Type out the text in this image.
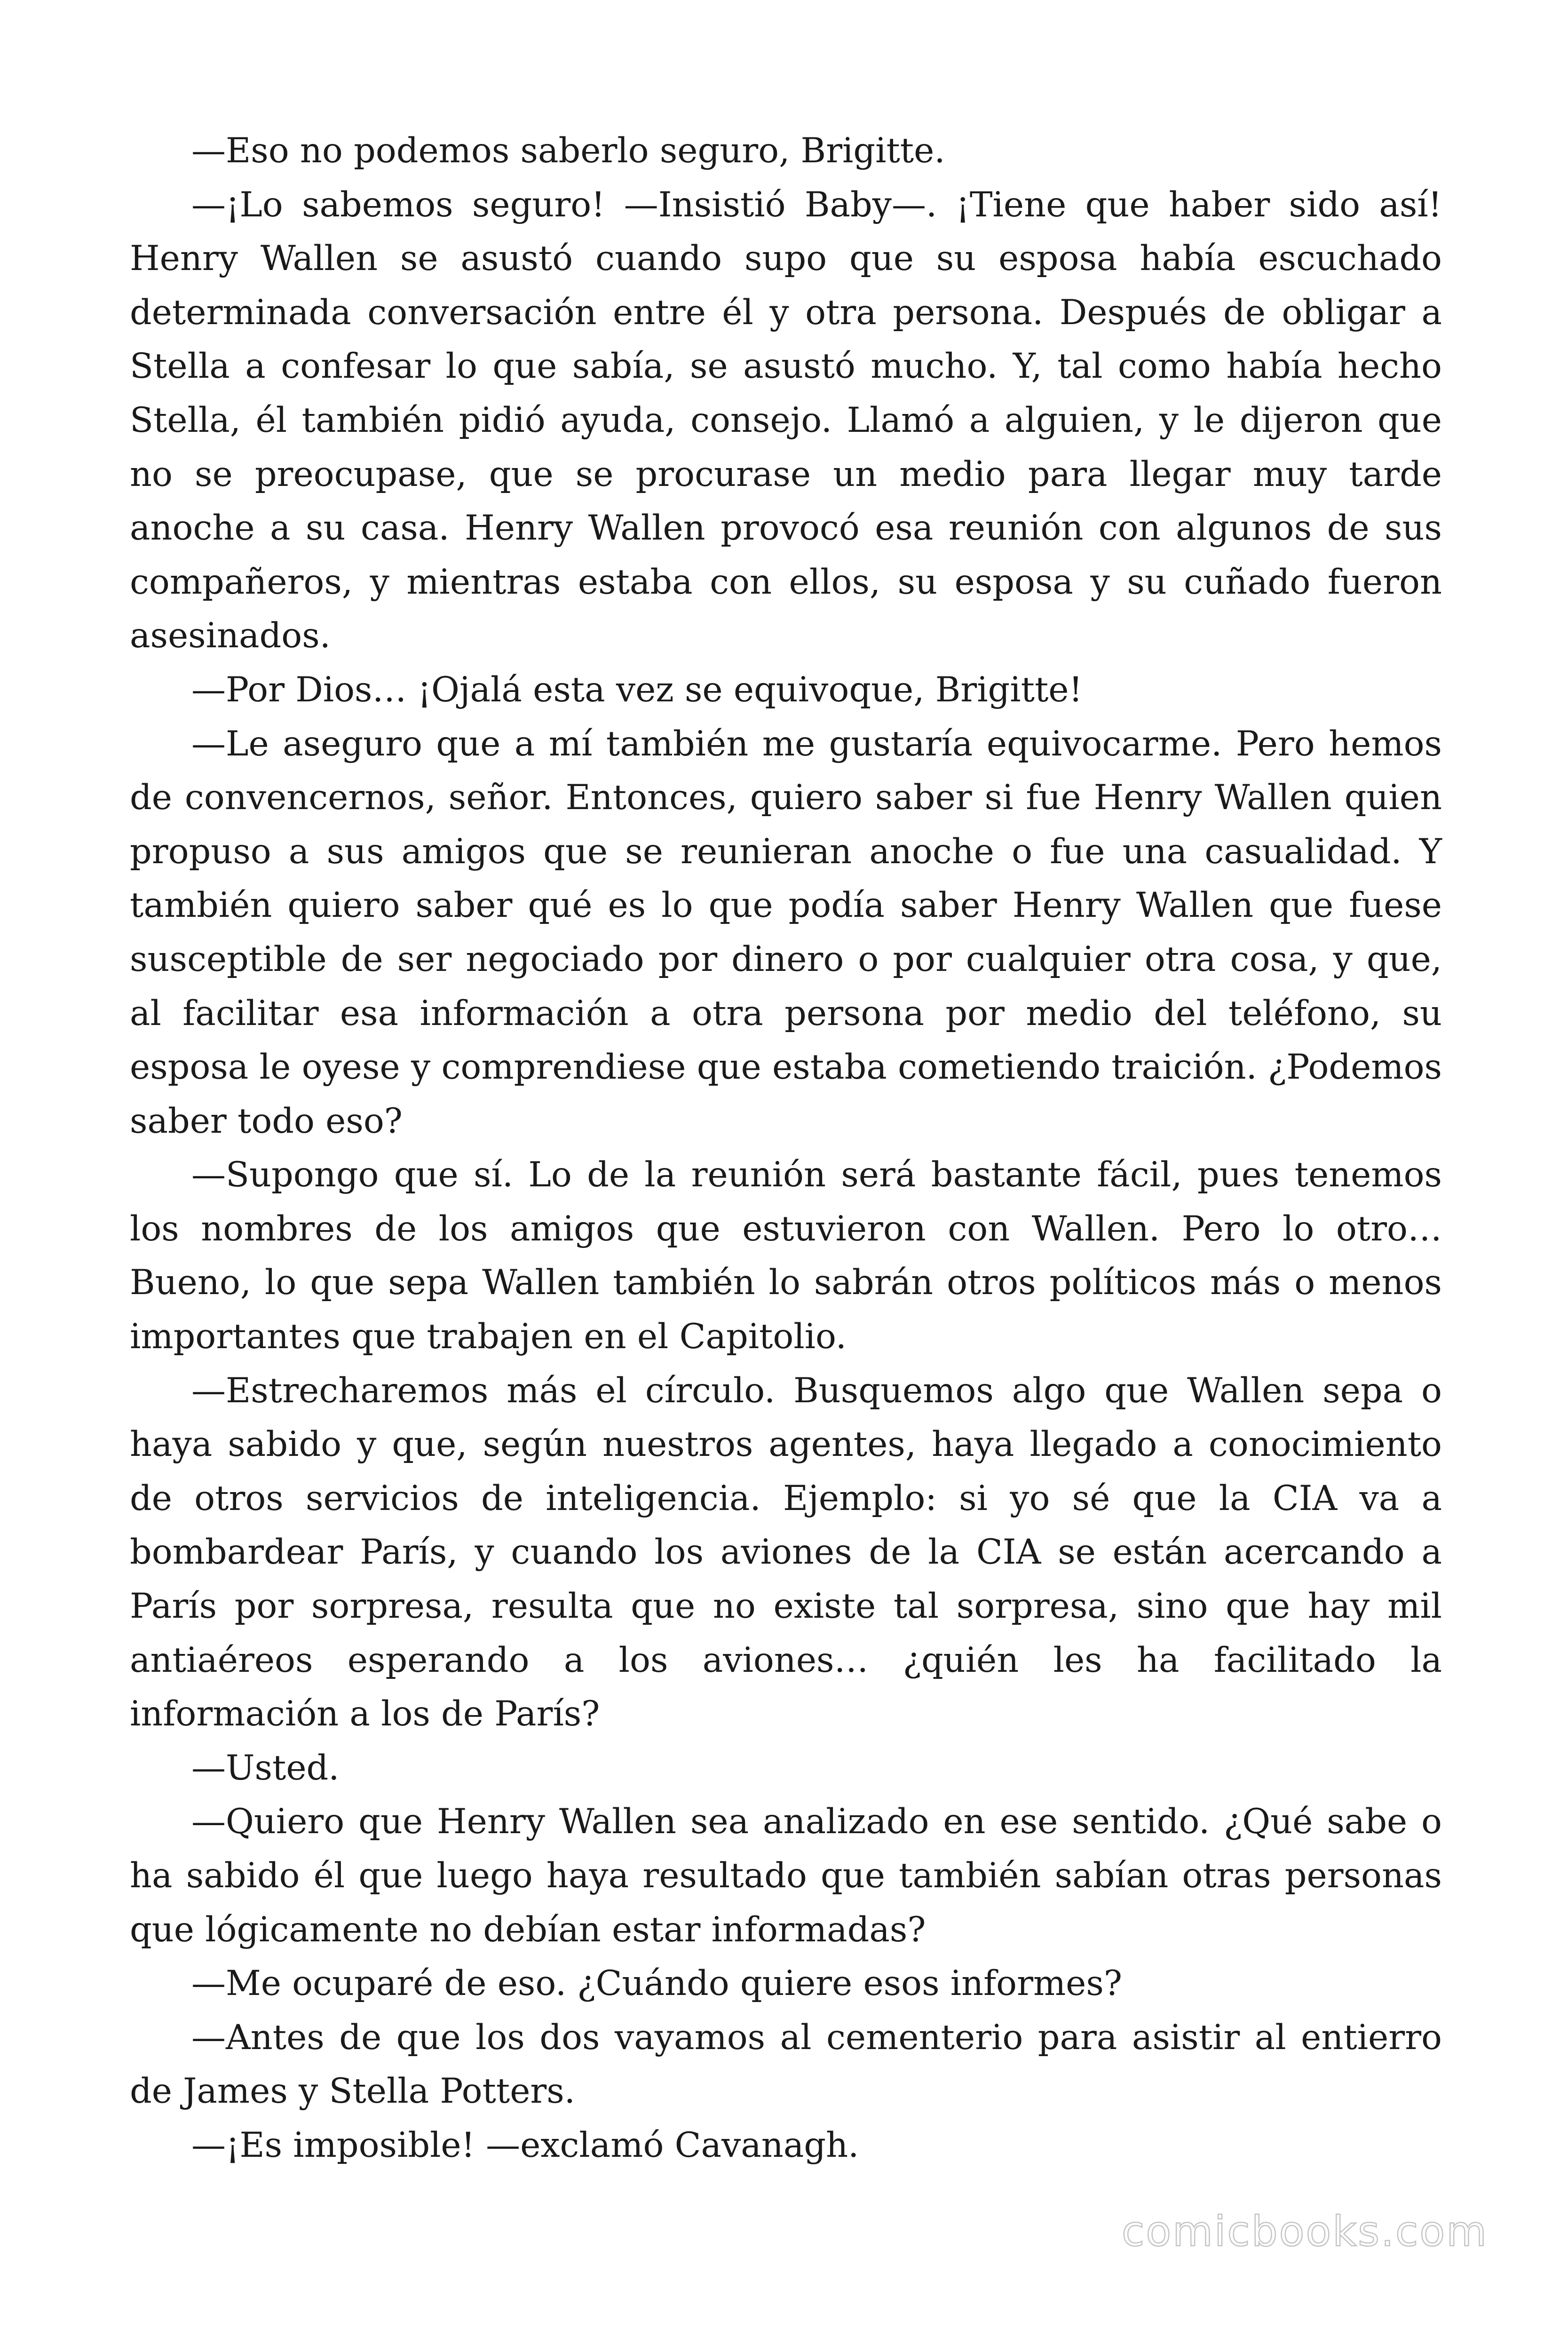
—Eso no podemos saberlo seguro, Brigitte.

—¡Lo sabemos seguro! —Insistió Baby—. ¡Tiene que haber sido así! Henry Wallen se asustó cuando supo que su esposa había escuchado determinada conversación entre él y otra persona. Después de obligar a Stella a confesar lo que sabía, se asustó mucho. Y, tal como había hecho Stella, él también pidió ayuda, consejo. Llamó a alguien, y le dijeron que no se preocupase, que se procurase un medio para llegar muy tarde anoche a su casa. Henry Wallen provocó esa reunión con algunos de sus compañeros, y mientras estaba con ellos, su esposa y su cuñado fueron asesinados.

—Por Dios… ¡Ojalá esta vez se equivoque, Brigitte!

—Le aseguro que a mí también me gustaría equivocarme. Pero hemos de convencernos, señor. Entonces, quiero saber si fue Henry Wallen quien propuso a sus amigos que se reunieran anoche o fue una casualidad. Y también quiero saber qué es lo que podía saber Henry Wallen que fuese susceptible de ser negociado por dinero o por cualquier otra cosa, y que, al facilitar esa información a otra persona por medio del teléfono, su esposa le oyese y comprendiese que estaba cometiendo traición. ¿Podemos saber todo eso?

—Supongo que sí. Lo de la reunión será bastante fácil, pues tenemos los nombres de los amigos que estuvieron con Wallen. Pero lo otro… Bueno, lo que sepa Wallen también lo sabrán otros políticos más o menos importantes que trabajen en el Capitolio.

—Estrecharemos más el círculo. Busquemos algo que Wallen sepa o haya sabido y que, según nuestros agentes, haya llegado a conocimiento de otros servicios de inteligencia. Ejemplo: si yo sé que la CIA va a bombardear París, y cuando los aviones de la CIA se están acercando a París por sorpresa, resulta que no existe tal sorpresa, sino que hay mil antiaéreos esperando a los aviones… ¿quién les ha facilitado la información a los de París?

—Usted.

—Quiero que Henry Wallen sea analizado en ese sentido. ¿Qué sabe o ha sabido él que luego haya resultado que también sabían otras personas que lógicamente no debían estar informadas?

—Me ocuparé de eso. ¿Cuándo quiere esos informes?

—Antes de que los dos vayamos al cementerio para asistir al entierro de James y Stella Potters.

—¡Es imposible! —exclamó Cavanagh.

comicbooks.com
